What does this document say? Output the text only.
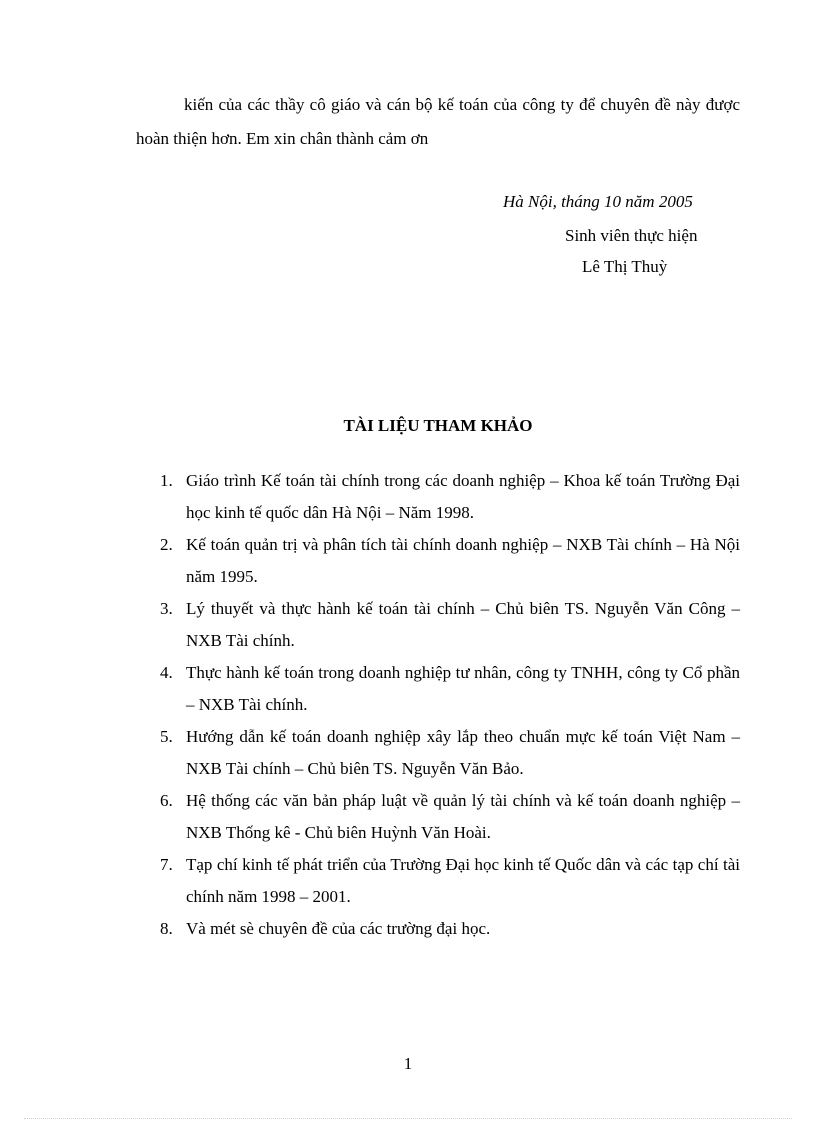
kiến của các thầy cô giáo và cán bộ kế toán của công ty để chuyên đề này được hoàn thiện hơn. Em xin chân thành cảm ơn

Hà Nội, tháng 10 năm 2005
Sinh viên thực hiện
Lê Thị Thuỳ
TÀI LIỆU THAM KHẢO
1. Giáo trình Kế toán tài chính trong các doanh nghiệp – Khoa kế toán Trường Đại học kinh tế quốc dân Hà Nội – Năm 1998.
2. Kế toán quản trị và phân tích tài chính doanh nghiệp – NXB Tài chính – Hà Nội năm 1995.
3. Lý thuyết và thực hành kế toán tài chính – Chủ biên TS. Nguyễn Văn Công – NXB Tài chính.
4. Thực hành kế toán trong doanh nghiệp tư nhân, công ty TNHH, công ty Cổ phần – NXB Tài chính.
5. Hướng dẫn kế toán doanh nghiệp xây lắp theo chuẩn mực kế toán Việt Nam – NXB Tài chính – Chủ biên TS. Nguyễn Văn Bảo.
6. Hệ thống các văn bản pháp luật về quản lý tài chính và kế toán doanh nghiệp – NXB Thống kê - Chủ biên Huỳnh Văn Hoài.
7. Tạp chí kinh tế phát triển của Trường Đại học kinh tế Quốc dân và các tạp chí tài chính năm 1998 – 2001.
8. Và mét sè chuyên đề của các trường đại học.
1
